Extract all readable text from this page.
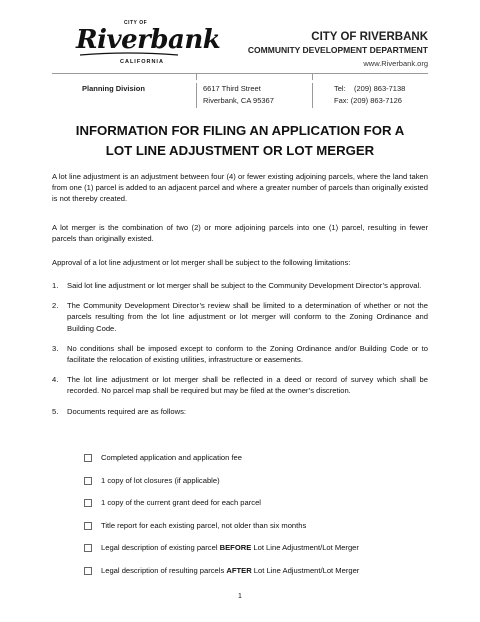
CITY OF
Riverbank
CALIFORNIA
CITY OF RIVERBANK
COMMUNITY DEVELOPMENT DEPARTMENT
www.Riverbank.org
Planning Division	6617 Third Street
Riverbank, CA 95367
Tel:    (209) 863-7138
Fax: (209) 863-7126
INFORMATION FOR FILING AN APPLICATION FOR A
LOT LINE ADJUSTMENT OR LOT MERGER
A lot line adjustment is an adjustment between four (4) or fewer existing adjoining parcels, where the land taken from one (1) parcel is added to an adjacent parcel and where a greater number of parcels than originally existed is not thereby created.
A lot merger is the combination of two (2) or more adjoining parcels into one (1) parcel, resulting in fewer parcels than originally existed.
Approval of a lot line adjustment or lot merger shall be subject to the following limitations:
1. Said lot line adjustment or lot merger shall be subject to the Community Development Director’s approval.
2. The Community Development Director’s review shall be limited to a determination of whether or not the parcels resulting from the lot line adjustment or lot merger will conform to the Zoning Ordinance and Building Code.
3. No conditions shall be imposed except to conform to the Zoning Ordinance and/or Building Code or to facilitate the relocation of existing utilities, infrastructure or easements.
4. The lot line adjustment or lot merger shall be reflected in a deed or record of survey which shall be recorded. No parcel map shall be required but may be filed at the owner’s discretion.
5. Documents required are as follows:
Completed application and application fee
1 copy of lot closures (if applicable)
1 copy of the current grant deed for each parcel
Title report for each existing parcel, not older than six months
Legal description of existing parcel BEFORE Lot Line Adjustment/Lot Merger
Legal description of resulting parcels AFTER Lot Line Adjustment/Lot Merger
1
